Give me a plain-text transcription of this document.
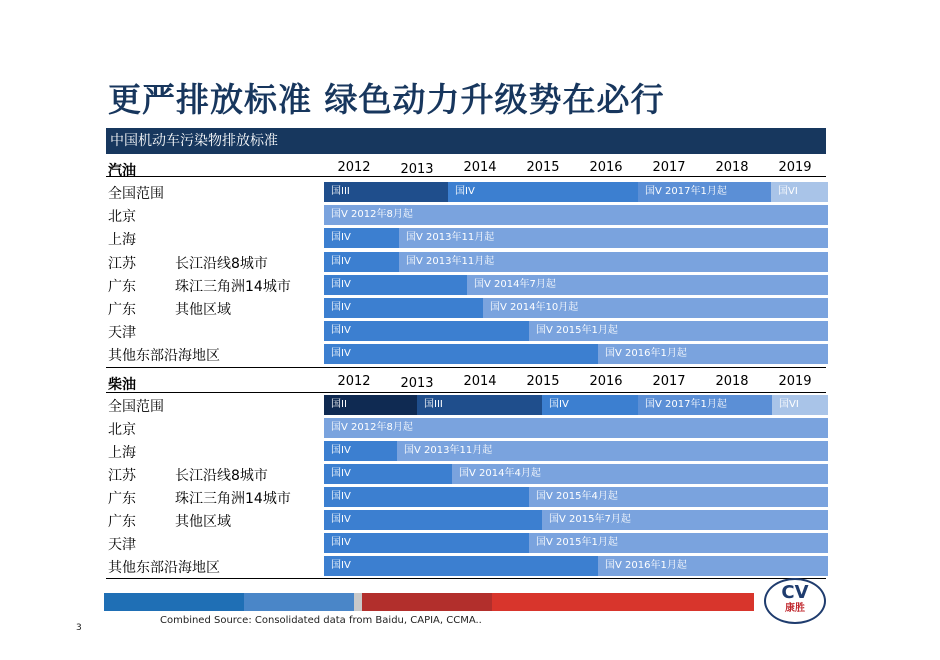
更严排放标准 绿色动力升级势在必行
中国机动车污染物排放标准
汽油	2012 2013 2014 2015 2016 2017 2018 2019
全国范围	国III	国IV	国Ⅴ 2017年1月起	国VI
北京	国Ⅴ 2012年8月起
上海	国IV	国Ⅴ 2013年11月起
江苏	长江沿线8城市	国IV	国Ⅴ 2013年11月起
广东	珠江三角洲14城市	国IV	国Ⅴ 2014年7月起
广东	其他区域	国IV	国Ⅴ 2014年10月起
天津	国IV	国Ⅴ 2015年1月起
其他东部沿海地区	国IV	国Ⅴ 2016年1月起
柴油	2012 2013 2014 2015 2016 2017 2018 2019
全国范围	国II	国III	国IV	国Ⅴ 2017年1月起	国VI
北京	国Ⅴ 2012年8月起
上海	国IV	国Ⅴ 2013年11月起
江苏	长江沿线8城市	国IV	国Ⅴ 2014年4月起
广东	珠江三角洲14城市	国IV	国Ⅴ 2015年4月起
广东	其他区域	国IV	国Ⅴ 2015年7月起
天津	国IV	国Ⅴ 2015年1月起
其他东部沿海地区	国IV	国Ⅴ 2016年1月起
CV
康胜
Combined Source: Consolidated data from Baidu, CAPIA, CCMA..
3
